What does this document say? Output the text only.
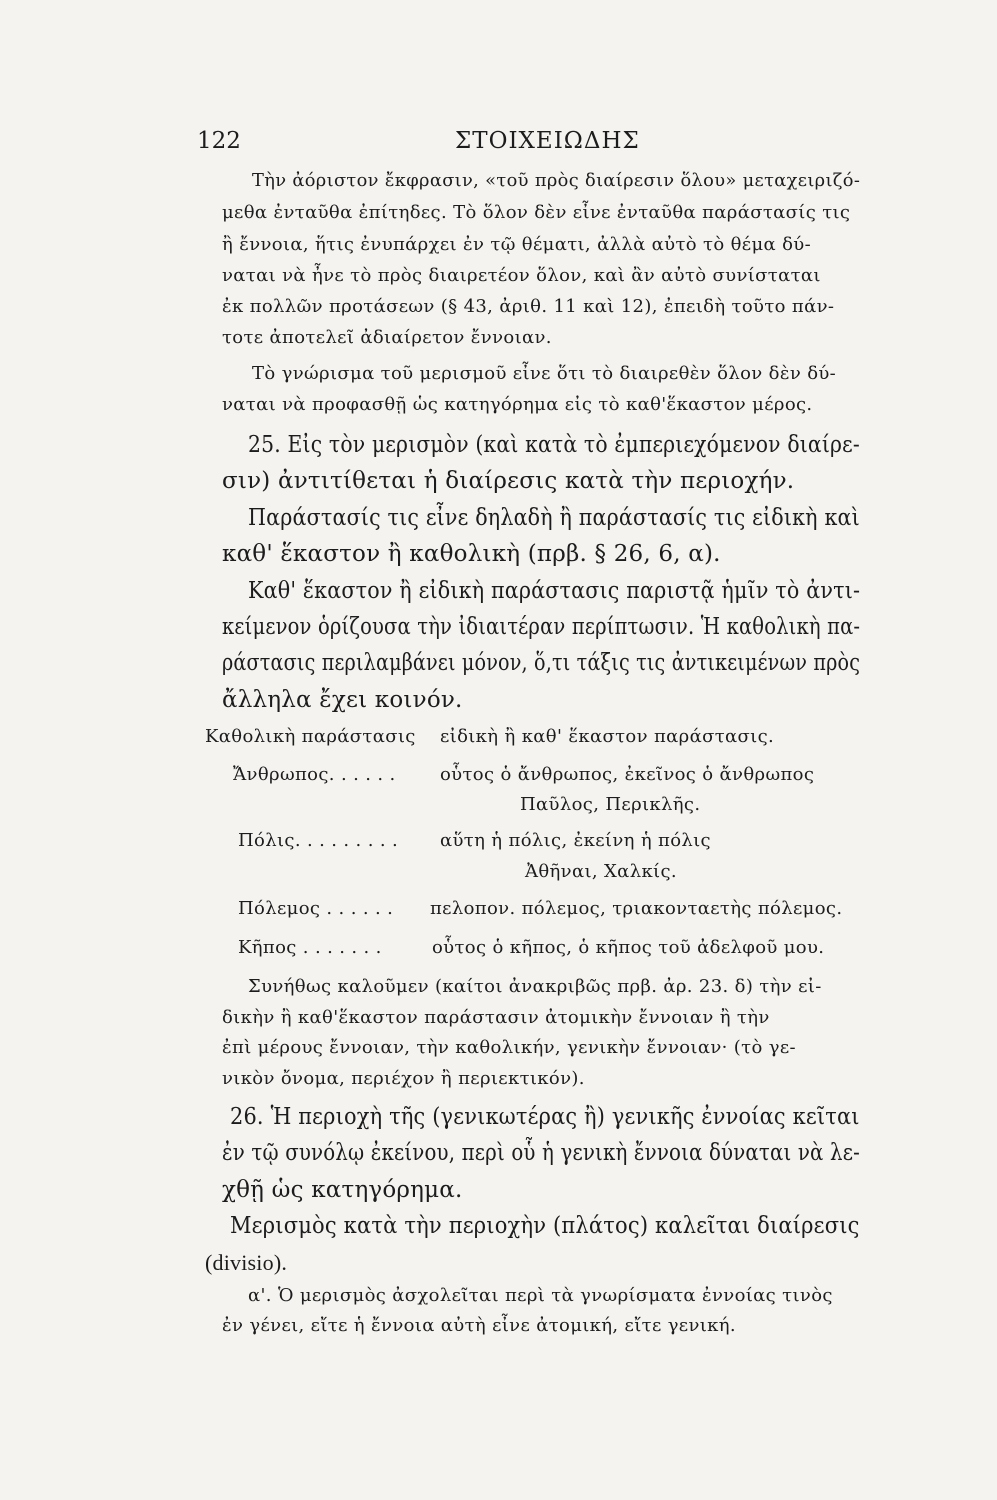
122	ΣΤΟΙΧΕΙΩΔΗΣ
Τὴν ἀόριστον ἔκφρασιν, «τοῦ πρὸς διαίρεσιν ὅλου» μεταχειριζό-
μεθα ἐνταῦθα ἐπίτηδες. Τὸ ὅλον δὲν εἶνε ἐνταῦθα παράστασίς τις
ἢ ἔννοια, ἥτις ἐνυπάρχει ἐν τῷ θέματι, ἀλλὰ αὐτὸ τὸ θέμα δύ-
ναται νὰ ἦνε τὸ πρὸς διαιρετέον ὅλον, καὶ ἂν αὐτὸ συνίσταται
ἐκ πολλῶν προτάσεων (§ 43, ἀριθ. 11 καὶ 12), ἐπειδὴ τοῦτο πάν-
τοτε ἀποτελεῖ ἀδιαίρετον ἔννοιαν.
Τὸ γνώρισμα τοῦ μερισμοῦ εἶνε ὅτι τὸ διαιρεθὲν ὅλον δὲν δύ-
ναται νὰ προφασθῇ ὡς κατηγόρημα εἰς τὸ καθ'ἕκαστον μέρος.
25. Εἰς τὸν μερισμὸν (καὶ κατὰ τὸ ἐμπεριεχόμενον διαίρε-
σιν) ἀντιτίθεται ἡ διαίρεσις κατὰ τὴν περιοχήν.
Παράστασίς τις εἶνε δηλαδὴ ἢ παράστασίς τις εἰδικὴ καὶ
καθ' ἕκαστον ἢ καθολικὴ (πρβ. § 26, 6, α).
Καθ' ἕκαστον ἢ εἰδικὴ παράστασις παριστᾷ ἡμῖν τὸ ἀντι-
κείμενον ὁρίζουσα τὴν ἰδιαιτέραν περίπτωσιν. Ἡ καθολικὴ πα-
ράστασις περιλαμβάνει μόνον, ὅ,τι τάξις τις ἀντικειμένων πρὸς
ἄλληλα ἔχει κοινόν.
Καθολικὴ παράστασις εἰδικὴ ἢ καθ' ἕκαστον παράστασις.
Ἄνθρωπος. . . . . . οὗτος ὁ ἄνθρωπος, ἐκεῖνος ὁ ἄνθρωπος
Παῦλος, Περικλῆς.
Πόλις. . . . . . . . . αὕτη ἡ πόλις, ἐκείνη ἡ πόλις
Ἀθῆναι, Χαλκίς.
Πόλεμος . . . . . . πελοπον. πόλεμος, τριακονταετὴς πόλεμος.
Κῆπος . . . . . . .	οὗτος ὁ κῆπος, ὁ κῆπος τοῦ ἀδελφοῦ μου.
Συνήθως καλοῦμεν (καίτοι ἀνακριβῶς πρβ. ἀρ. 23. δ) τὴν εἰ-
δικὴν ἢ καθ'ἕκαστον παράστασιν ἀτομικὴν ἔννοιαν ἢ τὴν
ἐπὶ μέρους ἔννοιαν, τὴν καθολικήν, γενικὴν ἔννοιαν· (τὸ γε-
νικὸν ὄνομα, περιέχον ἢ περιεκτικόν).
26. Ἡ περιοχὴ τῆς (γενικωτέρας ἢ) γενικῆς ἐννοίας κεῖται
ἐν τῷ συνόλῳ ἐκείνου, περὶ οὗ ἡ γενικὴ ἔννοια δύναται νὰ λε-
χθῇ ὡς κατηγόρημα.
Μερισμὸς κατὰ τὴν περιοχὴν (πλάτος) καλεῖται διαίρεσις
(divisio).
α'. Ὁ μερισμὸς ἀσχολεῖται περὶ τὰ γνωρίσματα ἐννοίας τινὸς
ἐν γένει, εἴτε ἡ ἔννοια αὐτὴ εἶνε ἀτομική, εἴτε γενική.
